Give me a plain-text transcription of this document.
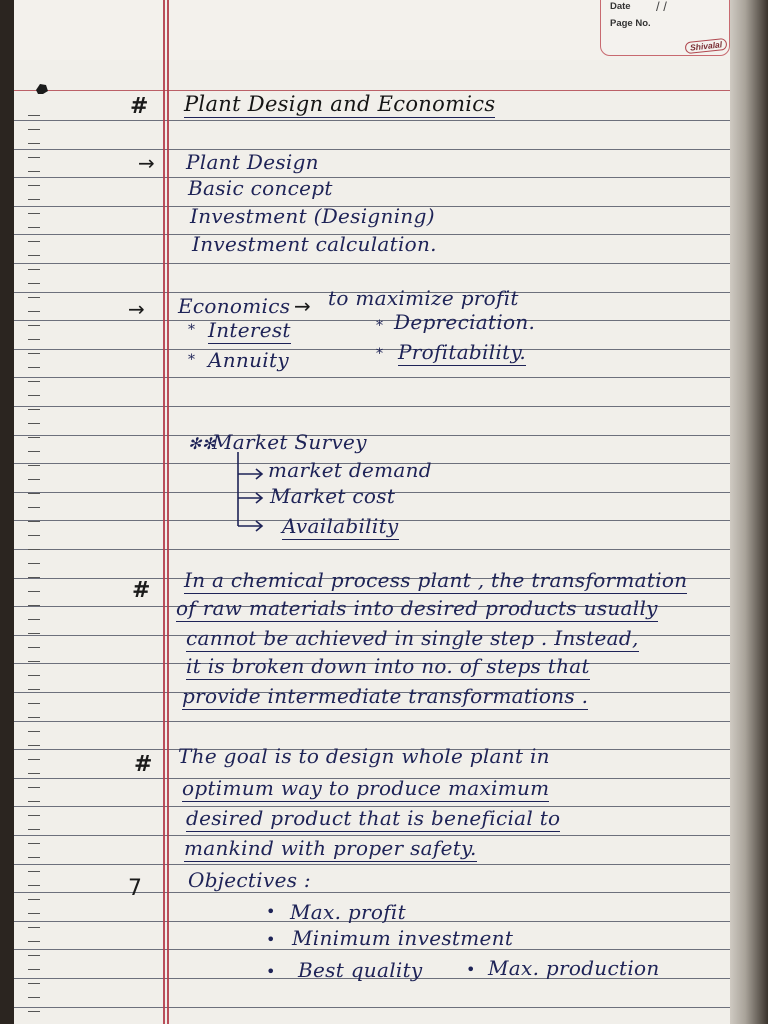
Date / /
Page No.
Shivalal
# Plant Design and Economics
→ Plant Design
Basic concept
Investment (Designing)
Investment calculation.
→ Economics → to maximize profit
* Interest	* Depreciation.
* Annuity	* Profitability.
✻✻
Market Survey
market demand
Market cost
Availability
# In a chemical process plant , the transformation
of raw materials into desired products usually
cannot be achieved in single step . Instead,
it is broken down into no. of steps that
provide intermediate transformations .
# The goal is to design whole plant in
optimum way to produce maximum
desired product that is beneficial to
mankind with proper safety.
7 Objectives :
• Max. profit
• Minimum investment
• Best quality	• Max. production
